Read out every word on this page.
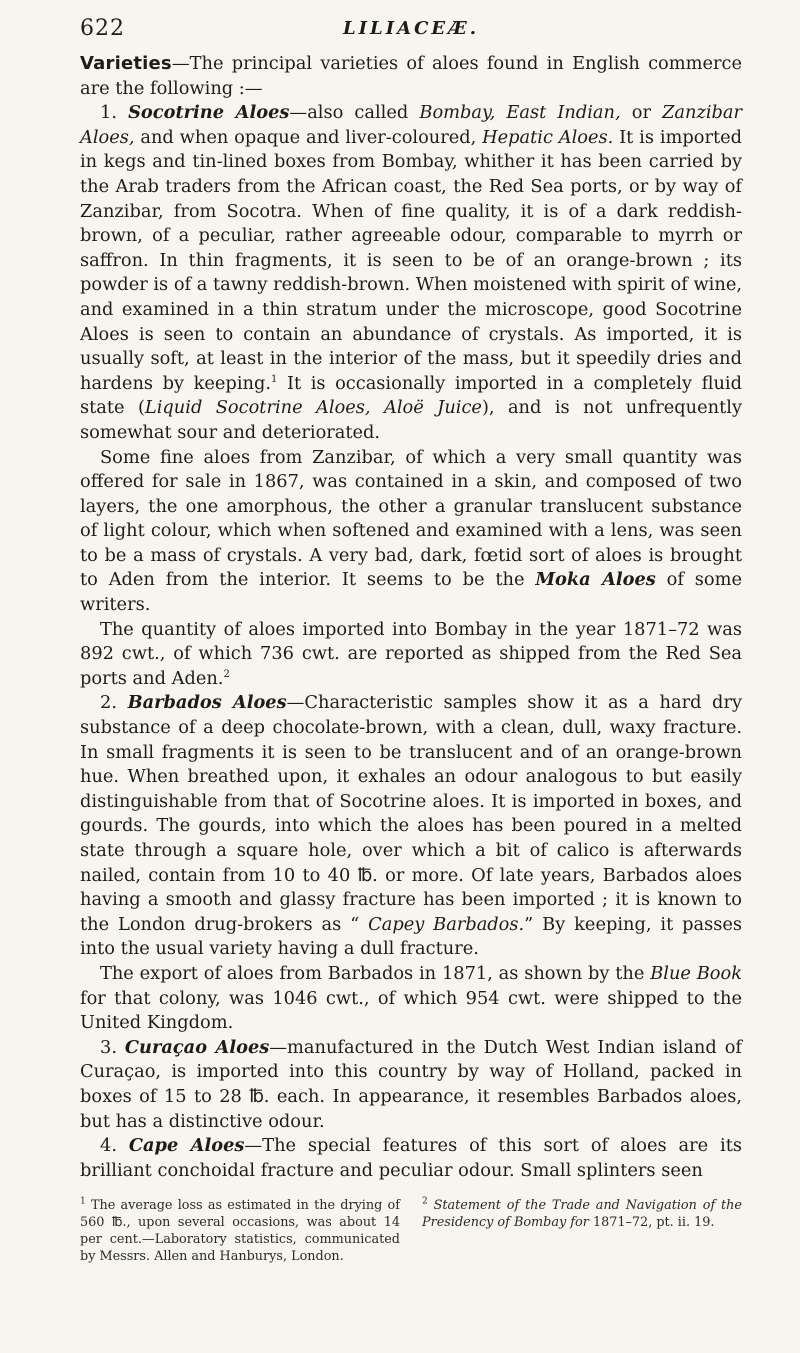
622	LILIACEÆ.

Varieties—The principal varieties of aloes found in English commerce are the following :—

1. Socotrine Aloes—also called Bombay, East Indian, or Zanzibar Aloes, and when opaque and liver-coloured, Hepatic Aloes. It is imported in kegs and tin-lined boxes from Bombay, whither it has been carried by the Arab traders from the African coast, the Red Sea ports, or by way of Zanzibar, from Socotra. When of fine quality, it is of a dark reddish-brown, of a peculiar, rather agreeable odour, comparable to myrrh or saffron. In thin fragments, it is seen to be of an orange-brown ; its powder is of a tawny reddish-brown. When moistened with spirit of wine, and examined in a thin stratum under the microscope, good Socotrine Aloes is seen to contain an abundance of crystals. As imported, it is usually soft, at least in the interior of the mass, but it speedily dries and hardens by keeping.$^1$ It is occasionally imported in a completely fluid state (Liquid Socotrine Aloes, Aloë Juice), and is not unfrequently somewhat sour and deteriorated.

Some fine aloes from Zanzibar, of which a very small quantity was offered for sale in 1867, was contained in a skin, and composed of two layers, the one amorphous, the other a granular translucent substance of light colour, which when softened and examined with a lens, was seen to be a mass of crystals. A very bad, dark, fœtid sort of aloes is brought to Aden from the interior. It seems to be the Moka Aloes of some writers.

The quantity of aloes imported into Bombay in the year 1871–72 was 892 cwt., of which 736 cwt. are reported as shipped from the Red Sea ports and Aden.$^2$

2. Barbados Aloes—Characteristic samples show it as a hard dry substance of a deep chocolate-brown, with a clean, dull, waxy fracture. In small fragments it is seen to be translucent and of an orange-brown hue. When breathed upon, it exhales an odour analogous to but easily distinguishable from that of Socotrine aloes. It is imported in boxes, and gourds. The gourds, into which the aloes has been poured in a melted state through a square hole, over which a bit of calico is afterwards nailed, contain from 10 to 40 ℔. or more. Of late years, Barbados aloes having a smooth and glassy fracture has been imported ; it is known to the London drug-brokers as “ Capey Barbados.” By keeping, it passes into the usual variety having a dull fracture.

The export of aloes from Barbados in 1871, as shown by the Blue Book for that colony, was 1046 cwt., of which 954 cwt. were shipped to the United Kingdom.

3. Curaçao Aloes—manufactured in the Dutch West Indian island of Curaçao, is imported into this country by way of Holland, packed in boxes of 15 to 28 ℔. each. In appearance, it resembles Barbados aloes, but has a distinctive odour.

4. Cape Aloes—The special features of this sort of aloes are its brilliant conchoidal fracture and peculiar odour. Small splinters seen

$^1$ The average loss as estimated in the drying of 560 ℔., upon several occasions, was about 14 per cent.—Laboratory statistics, communicated by Messrs. Allen and Hanburys, London.
$^2$ Statement of the Trade and Navigation of the Presidency of Bombay for 1871–72, pt. ii. 19.
